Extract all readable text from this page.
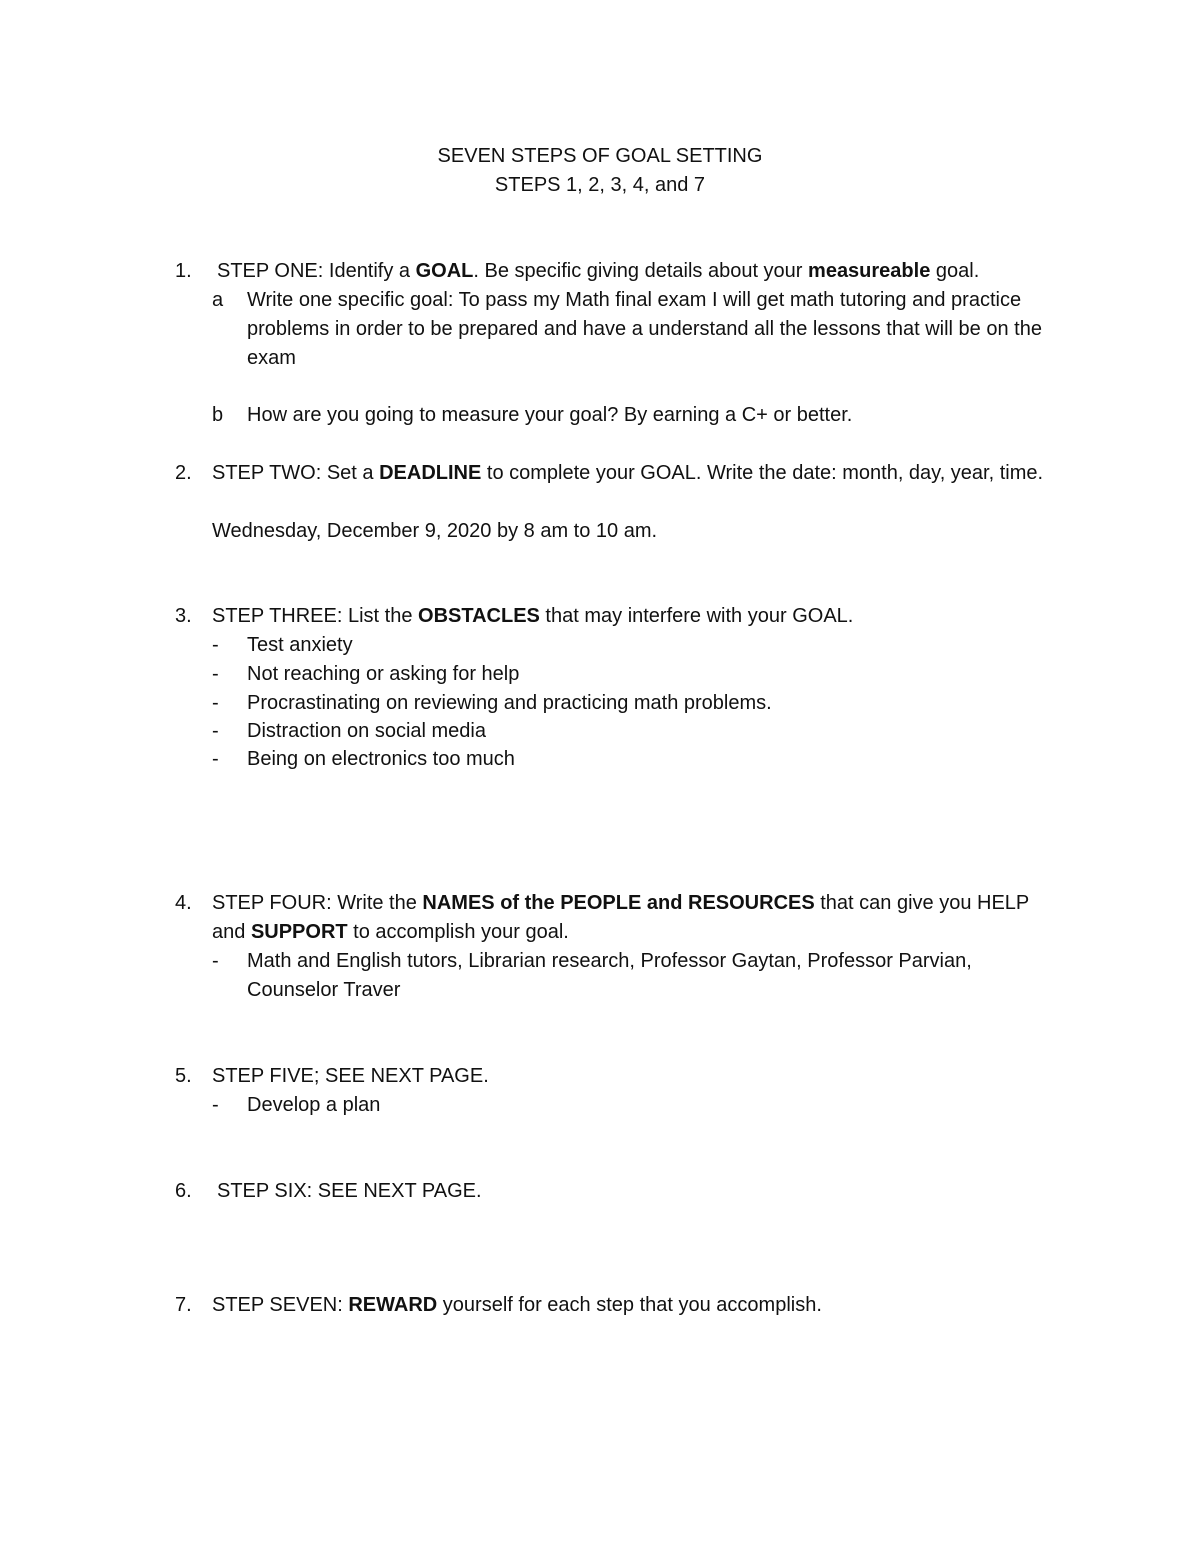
SEVEN STEPS OF GOAL SETTING
STEPS 1, 2, 3, 4, and 7
1. STEP ONE: Identify a GOAL. Be specific giving details about your measureable goal.
a Write one specific goal: To pass my Math final exam I will get math tutoring and practice problems in order to be prepared and have a understand all the lessons that will be on the exam
b How are you going to measure your goal? By earning a C+ or better.
2. STEP TWO: Set a DEADLINE to complete your GOAL. Write the date: month, day, year, time.
Wednesday, December 9, 2020 by 8 am to 10 am.
3. STEP THREE: List the OBSTACLES that may interfere with your GOAL.
- Test anxiety
- Not reaching or asking for help
- Procrastinating on reviewing and practicing math problems.
- Distraction on social media
- Being on electronics too much
4. STEP FOUR: Write the NAMES of the PEOPLE and RESOURCES that can give you HELP and SUPPORT to accomplish your goal.
- Math and English tutors, Librarian research, Professor Gaytan, Professor Parvian, Counselor Traver
5. STEP FIVE; SEE NEXT PAGE.
- Develop a plan
6. STEP SIX: SEE NEXT PAGE.
7. STEP SEVEN: REWARD yourself for each step that you accomplish.
